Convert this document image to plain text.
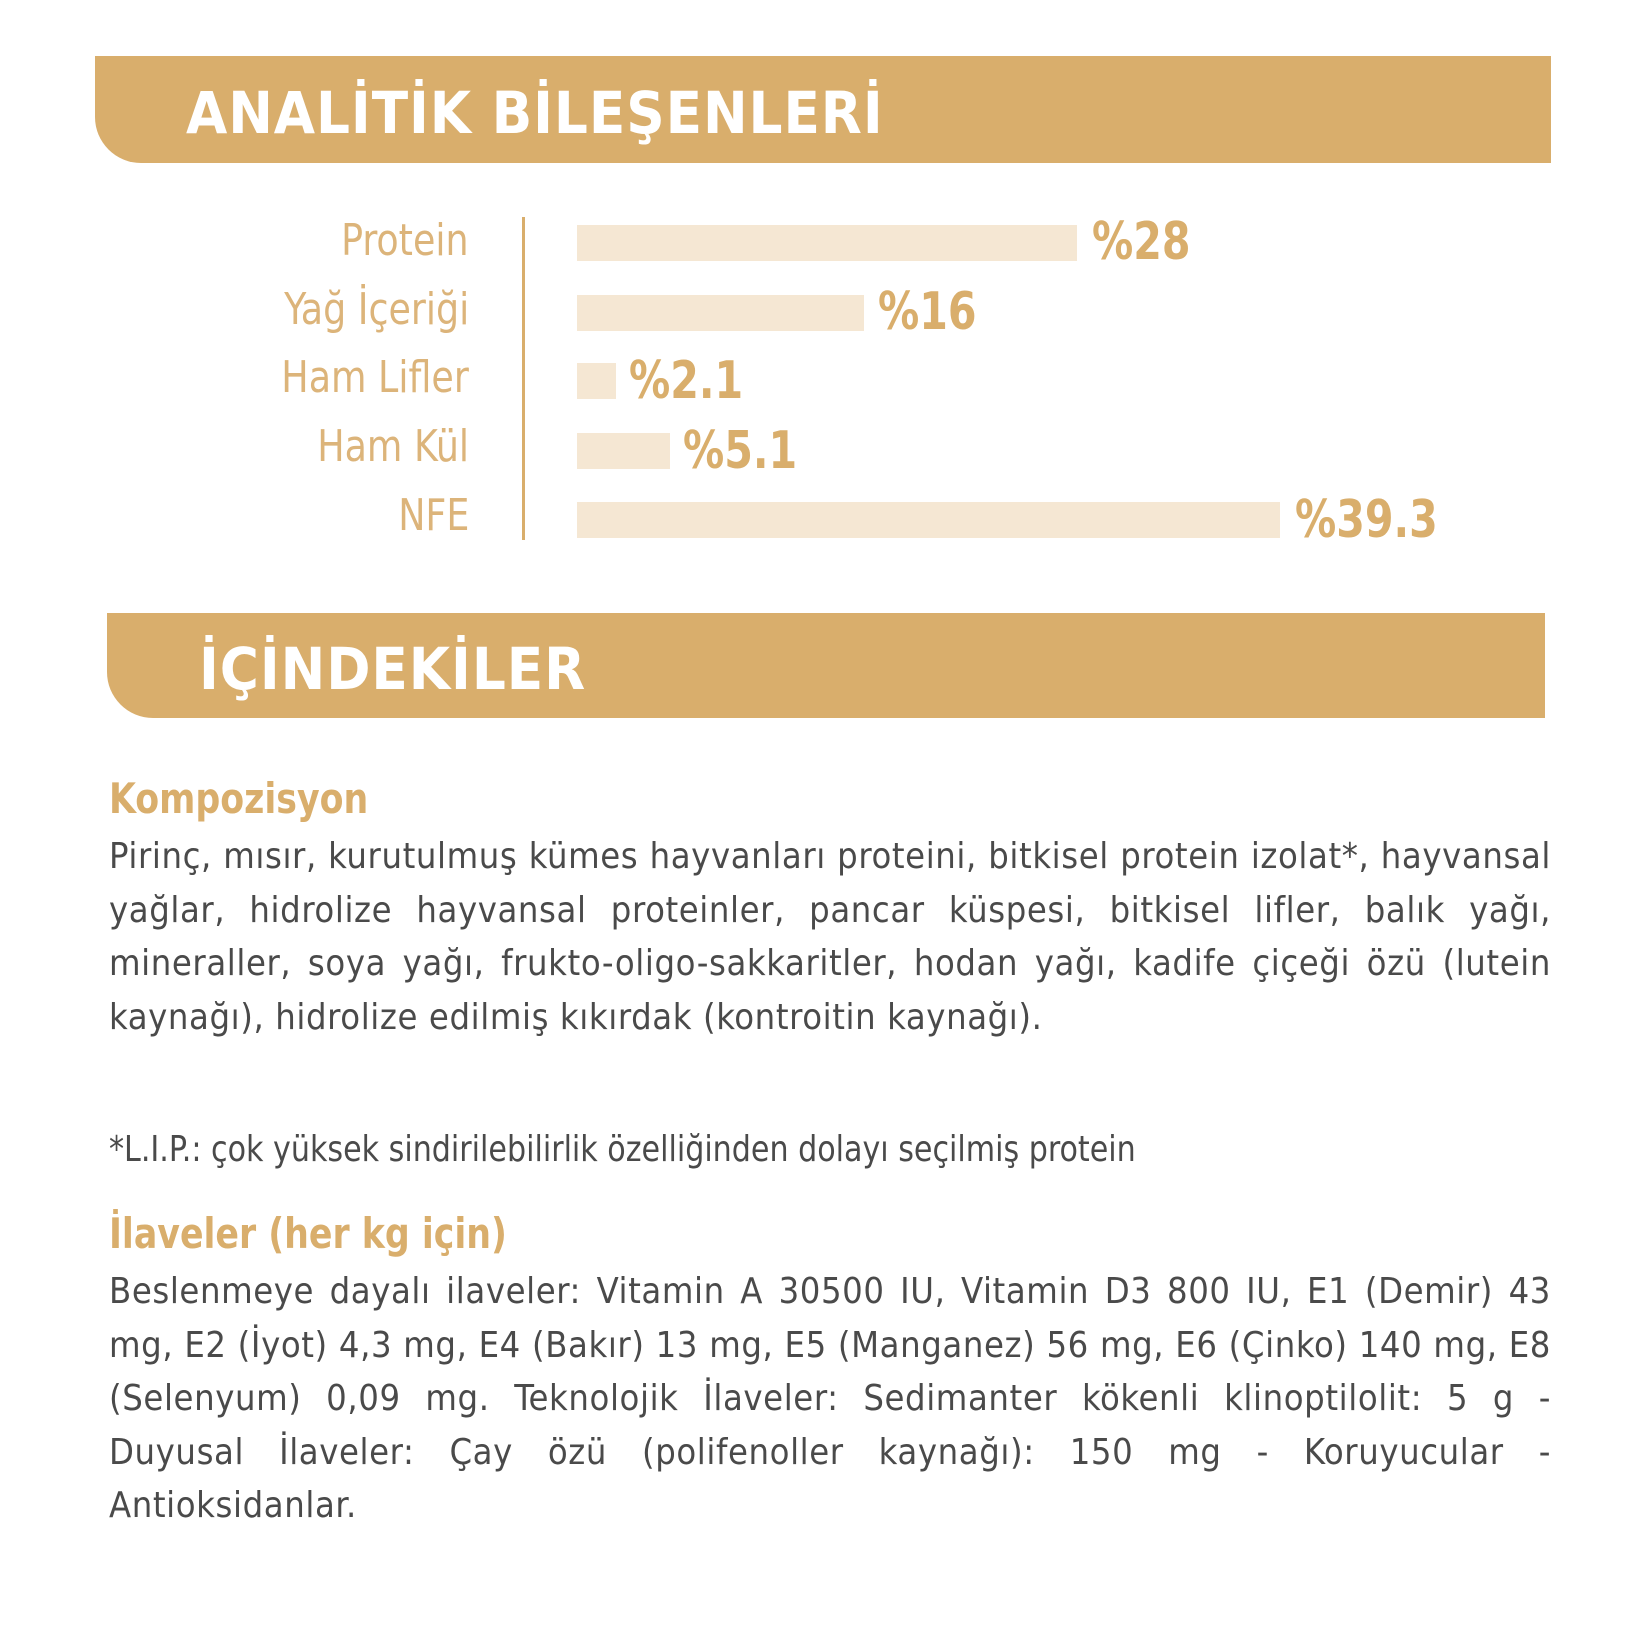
ANALİTİK BİLEŞENLERİ
Protein	%28
Yağ İçeriği	%16
Ham Lifler	%2.1
Ham Kül	%5.1
NFE	%39.3
İÇİNDEKİLER
Kompozisyon
Pirinç, mısır, kurutulmuş kümes hayvanları proteini, bitkisel protein izolat*, hayvansal yağlar, hidrolize hayvansal proteinler, pancar küspesi, bitkisel lifler, balık yağı, mineraller, soya yağı, frukto-oligo-sakkaritler, hodan yağı, kadife çiçeği özü (lutein kaynağı), hidrolize edilmiş kıkırdak (kontroitin kaynağı).
*L.I.P.: çok yüksek sindirilebilirlik özelliğinden dolayı seçilmiş protein
İlaveler (her kg için)
Beslenmeye dayalı ilaveler: Vitamin A 30500 IU, Vitamin D3 800 IU, E1 (Demir) 43 mg, E2 (İyot) 4,3 mg, E4 (Bakır) 13 mg, E5 (Manganez) 56 mg, E6 (Çinko) 140 mg, E8 (Selenyum) 0,09 mg. Teknolojik İlaveler: Sedimanter kökenli klinoptilolit: 5 g - Duyusal İlaveler: Çay özü (polifenoller kaynağı): 150 mg - Koruyucular - Antioksidanlar.
